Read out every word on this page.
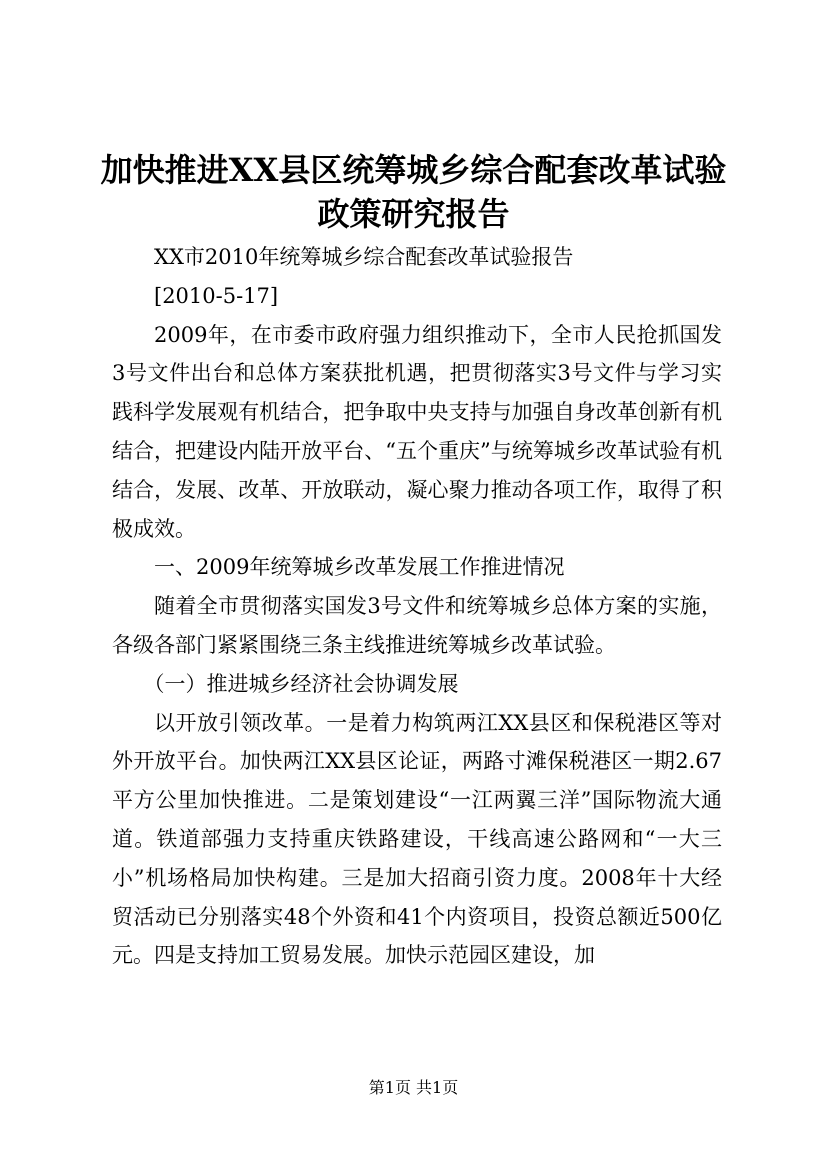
加快推进XX县区统筹城乡综合配套改革试验
政策研究报告

XX市2010年统筹城乡综合配套改革试验报告

[2010-5-17]

2009年，在市委市政府强力组织推动下，全市人民抢抓国发3号文件出台和总体方案获批机遇，把贯彻落实3号文件与学习实践科学发展观有机结合，把争取中央支持与加强自身改革创新有机结合，把建设内陆开放平台、“五个重庆”与统筹城乡改革试验有机结合，发展、改革、开放联动，凝心聚力推动各项工作，取得了积极成效。

一、2009年统筹城乡改革发展工作推进情况

随着全市贯彻落实国发3号文件和统筹城乡总体方案的实施，各级各部门紧紧围绕三条主线推进统筹城乡改革试验。

（一）推进城乡经济社会协调发展

以开放引领改革。一是着力构筑两江XX县区和保税港区等对外开放平台。加快两江XX县区论证，两路寸滩保税港区一期2.67平方公里加快推进。二是策划建设“一江两翼三洋”国际物流大通道。铁道部强力支持重庆铁路建设，干线高速公路网和“一大三小”机场格局加快构建。三是加大招商引资力度。2008年十大经贸活动已分别落实48个外资和41个内资项目，投资总额近500亿元。四是支持加工贸易发展。加快示范园区建设，加

第1页 共1页
